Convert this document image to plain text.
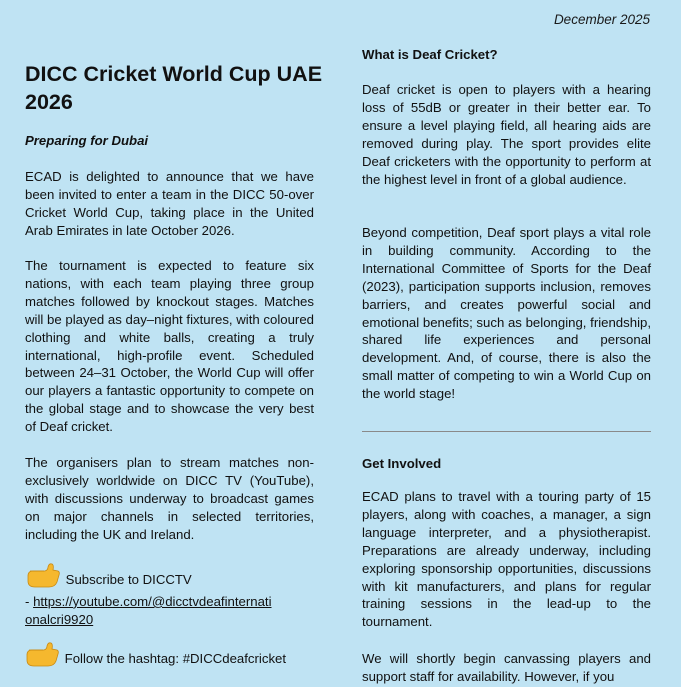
December 2025
DICC Cricket World Cup UAE 2026

Preparing for Dubai

ECAD is delighted to announce that we have been invited to enter a team in the DICC 50-over Cricket World Cup, taking place in the United Arab Emirates in late October 2026.

The tournament is expected to feature six nations, with each team playing three group matches followed by knockout stages. Matches will be played as day–night fixtures, with coloured clothing and white balls, creating a truly international, high-profile event. Scheduled between 24–31 October, the World Cup will offer our players a fantastic opportunity to compete on the global stage and to showcase the very best of Deaf cricket.

The organisers plan to stream matches non-exclusively worldwide on DICC TV (YouTube), with discussions underway to broadcast games on major channels in selected territories, including the UK and Ireland.

Subscribe to DICCTV
- https://youtube.com/@dicctvdeafinternati
onalcri9920
Follow the hashtag: #DICCdeafcricket

What is Deaf Cricket?

Deaf cricket is open to players with a hearing loss of 55dB or greater in their better ear. To ensure a level playing field, all hearing aids are removed during play. The sport provides elite Deaf cricketers with the opportunity to perform at the highest level in front of a global audience.

Beyond competition, Deaf sport plays a vital role in building community. According to the International Committee of Sports for the Deaf (2023), participation supports inclusion, removes barriers, and creates powerful social and emotional benefits; such as belonging, friendship, shared life experiences and personal development. And, of course, there is also the small matter of competing to win a World Cup on the world stage!

Get Involved

ECAD plans to travel with a touring party of 15 players, along with coaches, a manager, a sign language interpreter, and a physiotherapist. Preparations are already underway, including exploring sponsorship opportunities, discussions with kit manufacturers, and plans for regular training sessions in the lead-up to the tournament.

We will shortly begin canvassing players and support staff for availability. However, if you
